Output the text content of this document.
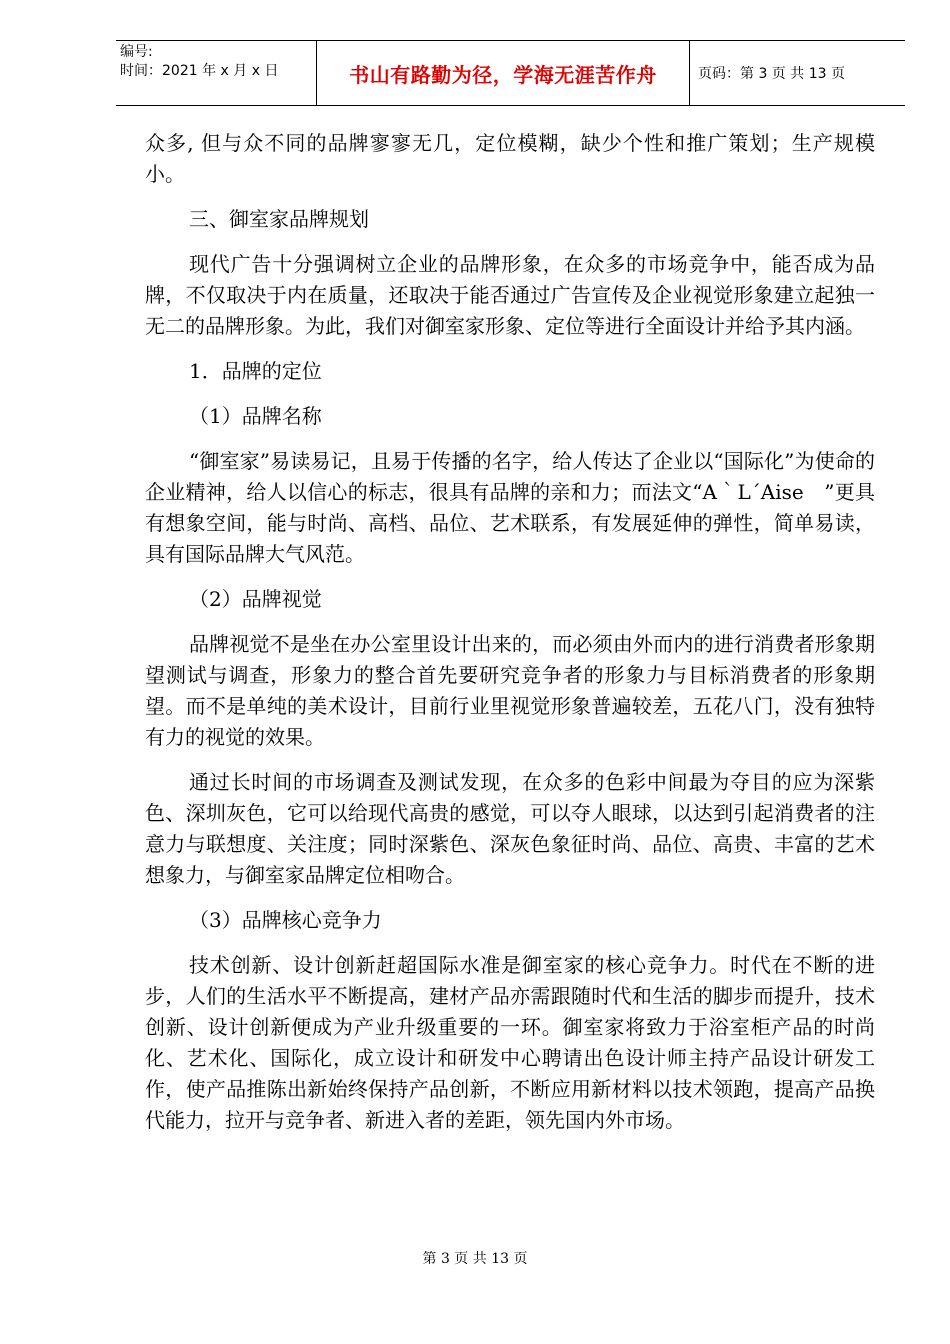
编号:
时间：2021 年 x 月 x 日	书山有路勤为径，学海无涯苦作舟	页码：第 3 页 共 13 页

众多, 但与众不同的品牌寥寥无几，定位模糊，缺少个性和推广策划；生产规模小。

三、御室家品牌规划

现代广告十分强调树立企业的品牌形象，在众多的市场竞争中，能否成为品牌，不仅取决于内在质量，还取决于能否通过广告宣传及企业视觉形象建立起独一无二的品牌形象。为此，我们对御室家形象、定位等进行全面设计并给予其内涵。

1．品牌的定位

（1）品牌名称

“御室家”易读易记，且易于传播的名字，给人传达了企业以“国际化”为使命的企业精神，给人以信心的标志，很具有品牌的亲和力；而法文“A｀L´Aise　”更具有想象空间，能与时尚、高档、品位、艺术联系，有发展延伸的弹性，简单易读，具有国际品牌大气风范。

（2）品牌视觉

品牌视觉不是坐在办公室里设计出来的，而必须由外而内的进行消费者形象期望测试与调查，形象力的整合首先要研究竞争者的形象力与目标消费者的形象期望。而不是单纯的美术设计，目前行业里视觉形象普遍较差，五花八门，没有独特有力的视觉的效果。

通过长时间的市场调查及测试发现，在众多的色彩中间最为夺目的应为深紫色、深圳灰色，它可以给现代高贵的感觉，可以夺人眼球，以达到引起消费者的注意力与联想度、关注度；同时深紫色、深灰色象征时尚、品位、高贵、丰富的艺术想象力，与御室家品牌定位相吻合。

（3）品牌核心竞争力

技术创新、设计创新赶超国际水准是御室家的核心竞争力。时代在不断的进步，人们的生活水平不断提高，建材产品亦需跟随时代和生活的脚步而提升，技术创新、设计创新便成为产业升级重要的一环。御室家将致力于浴室柜产品的时尚化、艺术化、国际化，成立设计和研发中心聘请出色设计师主持产品设计研发工作，使产品推陈出新始终保持产品创新，不断应用新材料以技术领跑，提高产品换代能力，拉开与竞争者、新进入者的差距，领先国内外市场。

第 3 页 共 13 页
